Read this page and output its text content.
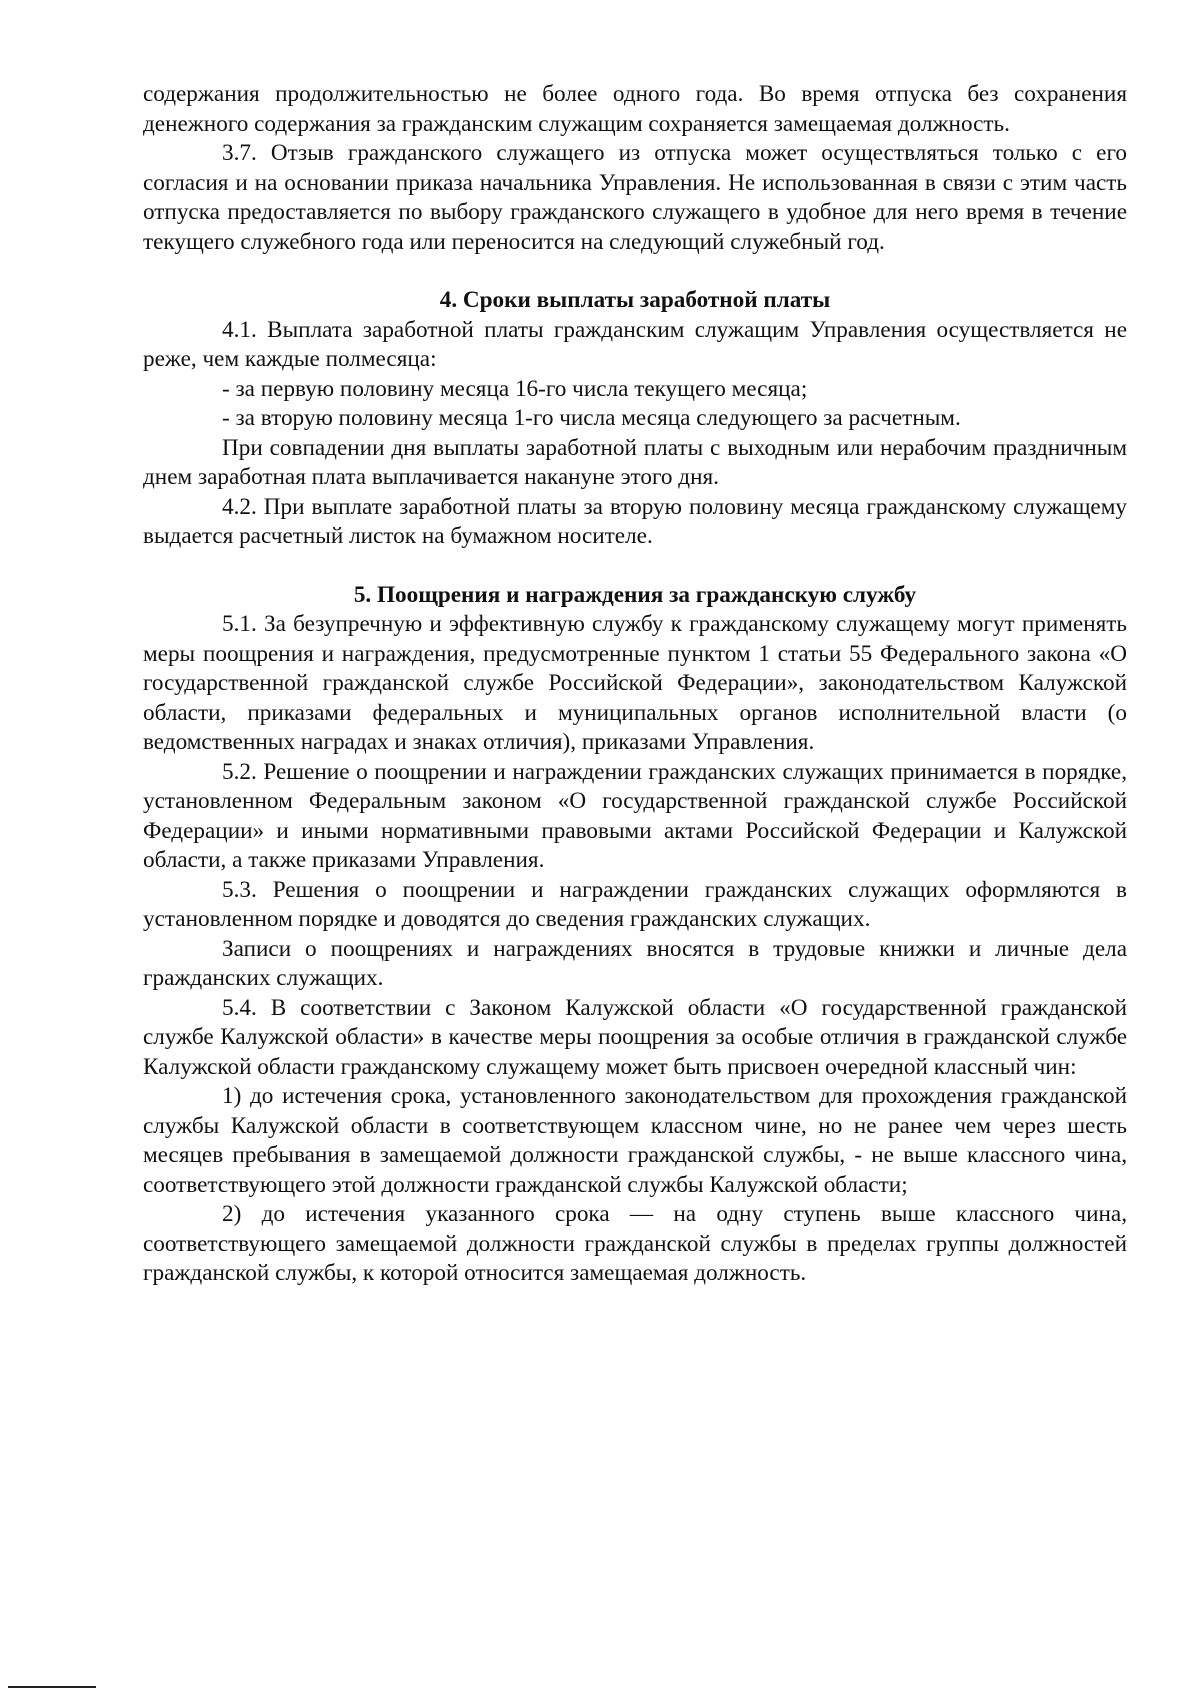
содержания продолжительностью не более одного года. Во время отпуска без сохранения денежного содержания за гражданским служащим сохраняется замещаемая должность.

3.7. Отзыв гражданского служащего из отпуска может осуществляться только с его согласия и на основании приказа начальника Управления. Не использованная в связи с этим часть отпуска предоставляется по выбору гражданского служащего в удобное для него время в течение текущего служебного года или переносится на следующий служебный год.

4. Сроки выплаты заработной платы

4.1. Выплата заработной платы гражданским служащим Управления осуществляется не реже, чем каждые полмесяца:

- за первую половину месяца 16-го числа текущего месяца;

- за вторую половину месяца 1-го числа месяца следующего за расчетным.

При совпадении дня выплаты заработной платы с выходным или нерабочим праздничным днем заработная плата выплачивается накануне этого дня.

4.2. При выплате заработной платы за вторую половину месяца гражданскому служащему выдается расчетный листок на бумажном носителе.

5. Поощрения и награждения за гражданскую службу

5.1. За безупречную и эффективную службу к гражданскому служащему могут применять меры поощрения и награждения, предусмотренные пунктом 1 статьи 55 Федерального закона «О государственной гражданской службе Российской Федерации», законодательством Калужской области, приказами федеральных и муниципальных органов исполнительной власти (о ведомственных наградах и знаках отличия), приказами Управления.

5.2. Решение о поощрении и награждении гражданских служащих принимается в порядке, установленном Федеральным законом «О государственной гражданской службе Российской Федерации» и иными нормативными правовыми актами Российской Федерации и Калужской области, а также приказами Управления.

5.3. Решения о поощрении и награждении гражданских служащих оформляются в установленном порядке и доводятся до сведения гражданских служащих.

Записи о поощрениях и награждениях вносятся в трудовые книжки и личные дела гражданских служащих.

5.4. В соответствии с Законом Калужской области «О государственной гражданской службе Калужской области» в качестве меры поощрения за особые отличия в гражданской службе Калужской области гражданскому служащему может быть присвоен очередной классный чин:

1) до истечения срока, установленного законодательством для прохождения гражданской службы Калужской области в соответствующем классном чине, но не ранее чем через шесть месяцев пребывания в замещаемой должности гражданской службы, - не выше классного чина, соответствующего этой должности гражданской службы Калужской области;

2) до истечения указанного срока — на одну ступень выше классного чина, соответствующего замещаемой должности гражданской службы в пределах группы должностей гражданской службы, к которой относится замещаемая должность.
